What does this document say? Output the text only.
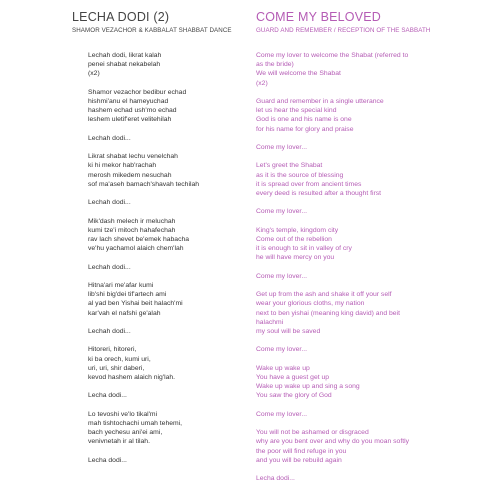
LECHA DODI (2)
SHAMOR VEZACHOR & KABBALAT SHABBAT DANCE
Lechah dodi, likrat kalah
penei shabat nekabelah
(x2)
Shamor vezachor bedibur echad
hishmi'anu el hameyuchad
hashem echad ush'mo echad
leshem uletif'eret velitehilah
Lechah dodi...
Likrat shabat lechu venelchah
ki hi mekor hab'rachah
merosh mikedem nesuchah
sof ma'aseh bamach'shavah techilah
Lechah dodi...
Mik'dash melech ir meluchah
kumi tze'i mitoch hahafechah
rav lach shevet be'emek habacha
ve'hu yachamol alaich chem'lah
Lechah dodi...
Hitna'ari me'afar kumi
lib'shi big'dei tif'artech ami
al yad ben Yishai beit halach'mi
kar'vah el nafshi ge'alah
Lechah dodi...
Hitoreri, hitoreri,
ki ba orech, kumi uri,
uri, uri, shir daberi,
kevod hashem alaich nig'lah.
Lecha dodi...
Lo tevoshi ve'lo tikal'mi
mah tishtochachi umah tehemi,
bach yechesu ani'ei ami,
venivnetah ir al tilah.
Lecha dodi...
COME MY BELOVED
GUARD AND REMEMBER / RECEPTION OF THE SABBATH
Come my lover to welcome the Shabat (referred to as the bride)
We will welcome the Shabat
(x2)
Guard and remember in a single utterance
let us hear the special kind
God is one and his name is one
for his name for glory and praise
Come my lover...
Let's greet the Shabat
as it is the source of blessing
it is spread over from ancient times
every deed is resulted after a thought first
Come my lover...
King's temple, kingdom city
Come out of the rebellion
it is enough to sit in valley of cry
he will have mercy on you
Come my lover...
Get up from the ash and shake it off your self
wear your glorious cloths, my nation
next to ben yishai (meaning king david) and beit halachmi
my soul will be saved
Come my lover...
Wake up wake up
You have a guest get up
Wake up wake up and sing a song
You saw the glory of God
Come my lover...
You will not be ashamed or disgraced
why are you bent over and why do you moan softly
the poor will find refuge in you
and you will be rebuild again
Lecha dodi...
